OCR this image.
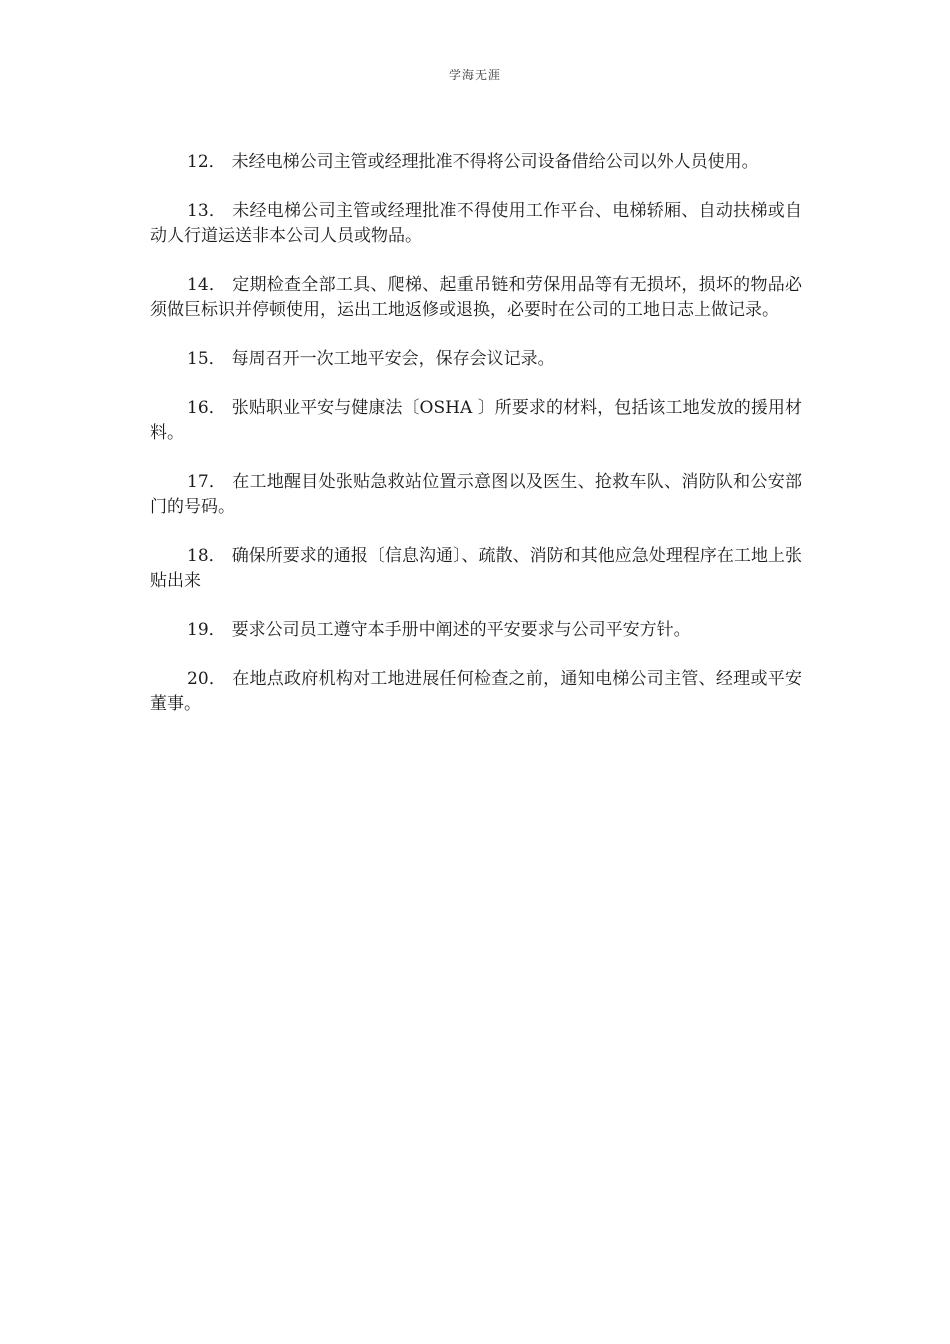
学海无涯

12． 未经电梯公司主管或经理批准不得将公司设备借给公司以外人员使用。

13． 未经电梯公司主管或经理批准不得使用工作平台、电梯轿厢、自动扶梯或自动人行道运送非本公司人员或物品。

14． 定期检查全部工具、爬梯、起重吊链和劳保用品等有无损坏，损坏的物品必须做巨标识并停顿使用，运出工地返修或退换，必要时在公司的工地日志上做记录。

15． 每周召开一次工地平安会，保存会议记录。

16． 张贴职业平安与健康法〔OSHA 〕所要求的材料，包括该工地发放的援用材料。

17． 在工地醒目处张贴急救站位置示意图以及医生、抢救车队、消防队和公安部门的号码。

18． 确保所要求的通报〔信息沟通〕、疏散、消防和其他应急处理程序在工地上张贴出来

19． 要求公司员工遵守本手册中阐述的平安要求与公司平安方针。

20． 在地点政府机构对工地进展任何检查之前，通知电梯公司主管、经理或平安董事。
